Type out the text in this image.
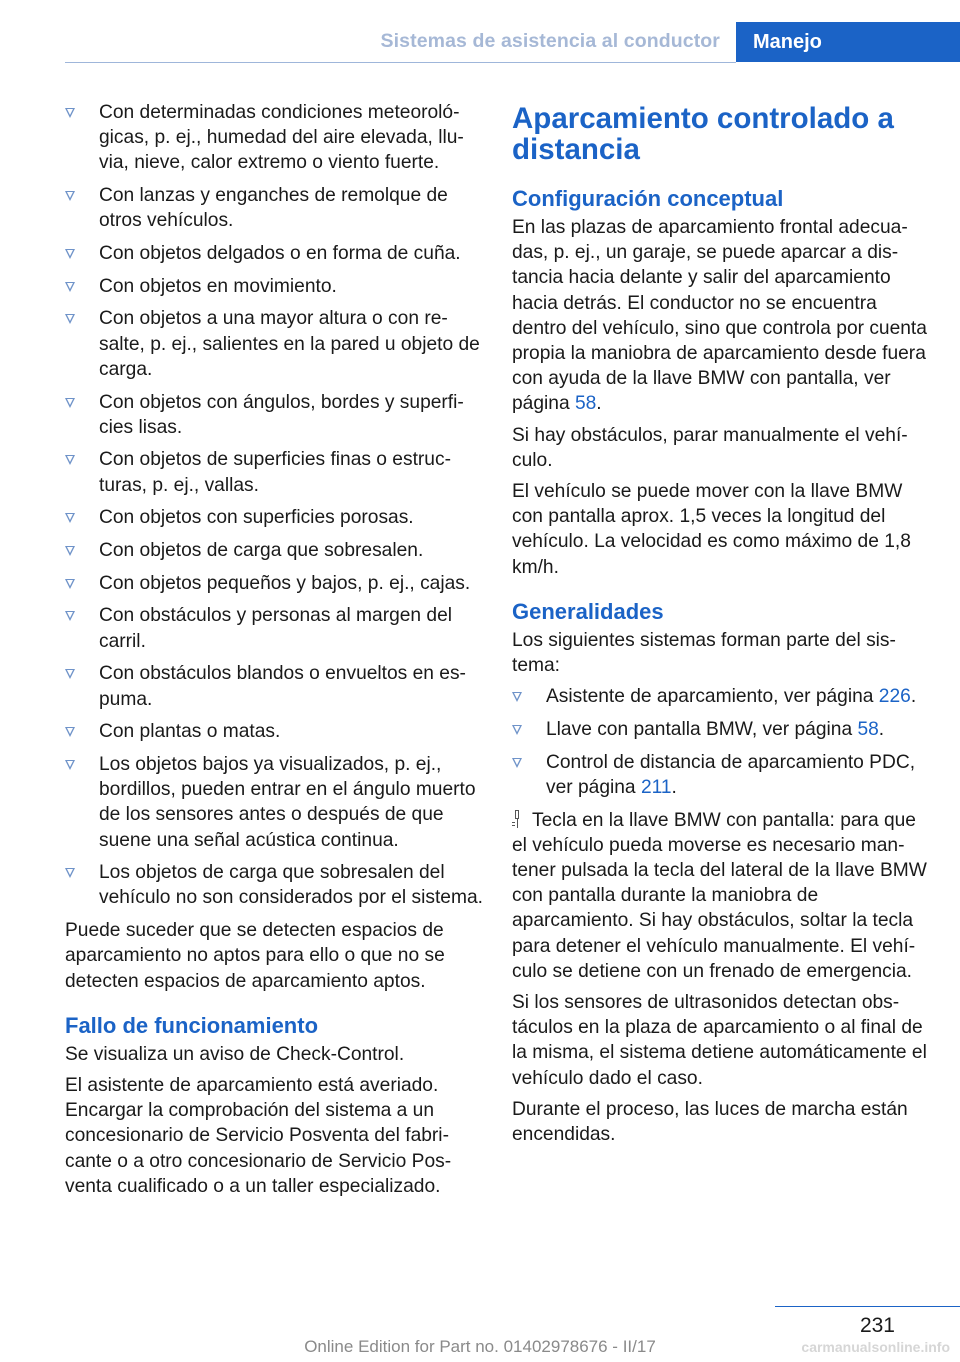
Sistemas de asistencia al conductor	Manejo
Con determinadas condiciones meteorológicas, p. ej., humedad del aire elevada, lluvia, nieve, calor extremo o viento fuerte.
Con lanzas y enganches de remolque de otros vehículos.
Con objetos delgados o en forma de cuña.
Con objetos en movimiento.
Con objetos a una mayor altura o con resalte, p. ej., salientes en la pared u objeto de carga.
Con objetos con ángulos, bordes y superficies lisas.
Con objetos de superficies finas o estructuras, p. ej., vallas.
Con objetos con superficies porosas.
Con objetos de carga que sobresalen.
Con objetos pequeños y bajos, p. ej., cajas.
Con obstáculos y personas al margen del carril.
Con obstáculos blandos o envueltos en espuma.
Con plantas o matas.
Los objetos bajos ya visualizados, p. ej., bordillos, pueden entrar en el ángulo muerto de los sensores antes o después de que suene una señal acústica continua.
Los objetos de carga que sobresalen del vehículo no son considerados por el sistema.

Puede suceder que se detecten espacios de aparcamiento no aptos para ello o que no se detecten espacios de aparcamiento aptos.

Fallo de funcionamiento

Se visualiza un aviso de Check-Control.

El asistente de aparcamiento está averiado. Encargar la comprobación del sistema a un concesionario de Servicio Posventa del fabricante o a otro concesionario de Servicio Posventa cualificado o a un taller especializado.

Aparcamiento controlado a distancia
Configuración conceptual

En las plazas de aparcamiento frontal adecuadas, p. ej., un garaje, se puede aparcar a distancia hacia delante y salir del aparcamiento hacia detrás. El conductor no se encuentra dentro del vehículo, sino que controla por cuenta propia la maniobra de aparcamiento desde fuera con ayuda de la llave BMW con pantalla, ver página 58.

Si hay obstáculos, parar manualmente el vehículo.

El vehículo se puede mover con la llave BMW con pantalla aprox. 1,5 veces la longitud del vehículo. La velocidad es como máximo de 1,8 km/h.

Generalidades

Los siguientes sistemas forman parte del sistema:

Asistente de aparcamiento, ver página 226.
Llave con pantalla BMW, ver página 58.
Control de distancia de aparcamiento PDC, ver página 211.

Tecla en la llave BMW con pantalla: para que el vehículo pueda moverse es necesario mantener pulsada la tecla del lateral de la llave BMW con pantalla durante la maniobra de aparcamiento. Si hay obstáculos, soltar la tecla para detener el vehículo manualmente. El vehículo se detiene con un frenado de emergencia.

Si los sensores de ultrasonidos detectan obstáculos en la plaza de aparcamiento o al final de la misma, el sistema detiene automáticamente el vehículo dado el caso.

Durante el proceso, las luces de marcha están encendidas.

231
Online Edition for Part no. 01402978676 - II/17	carmanualsonline.info
